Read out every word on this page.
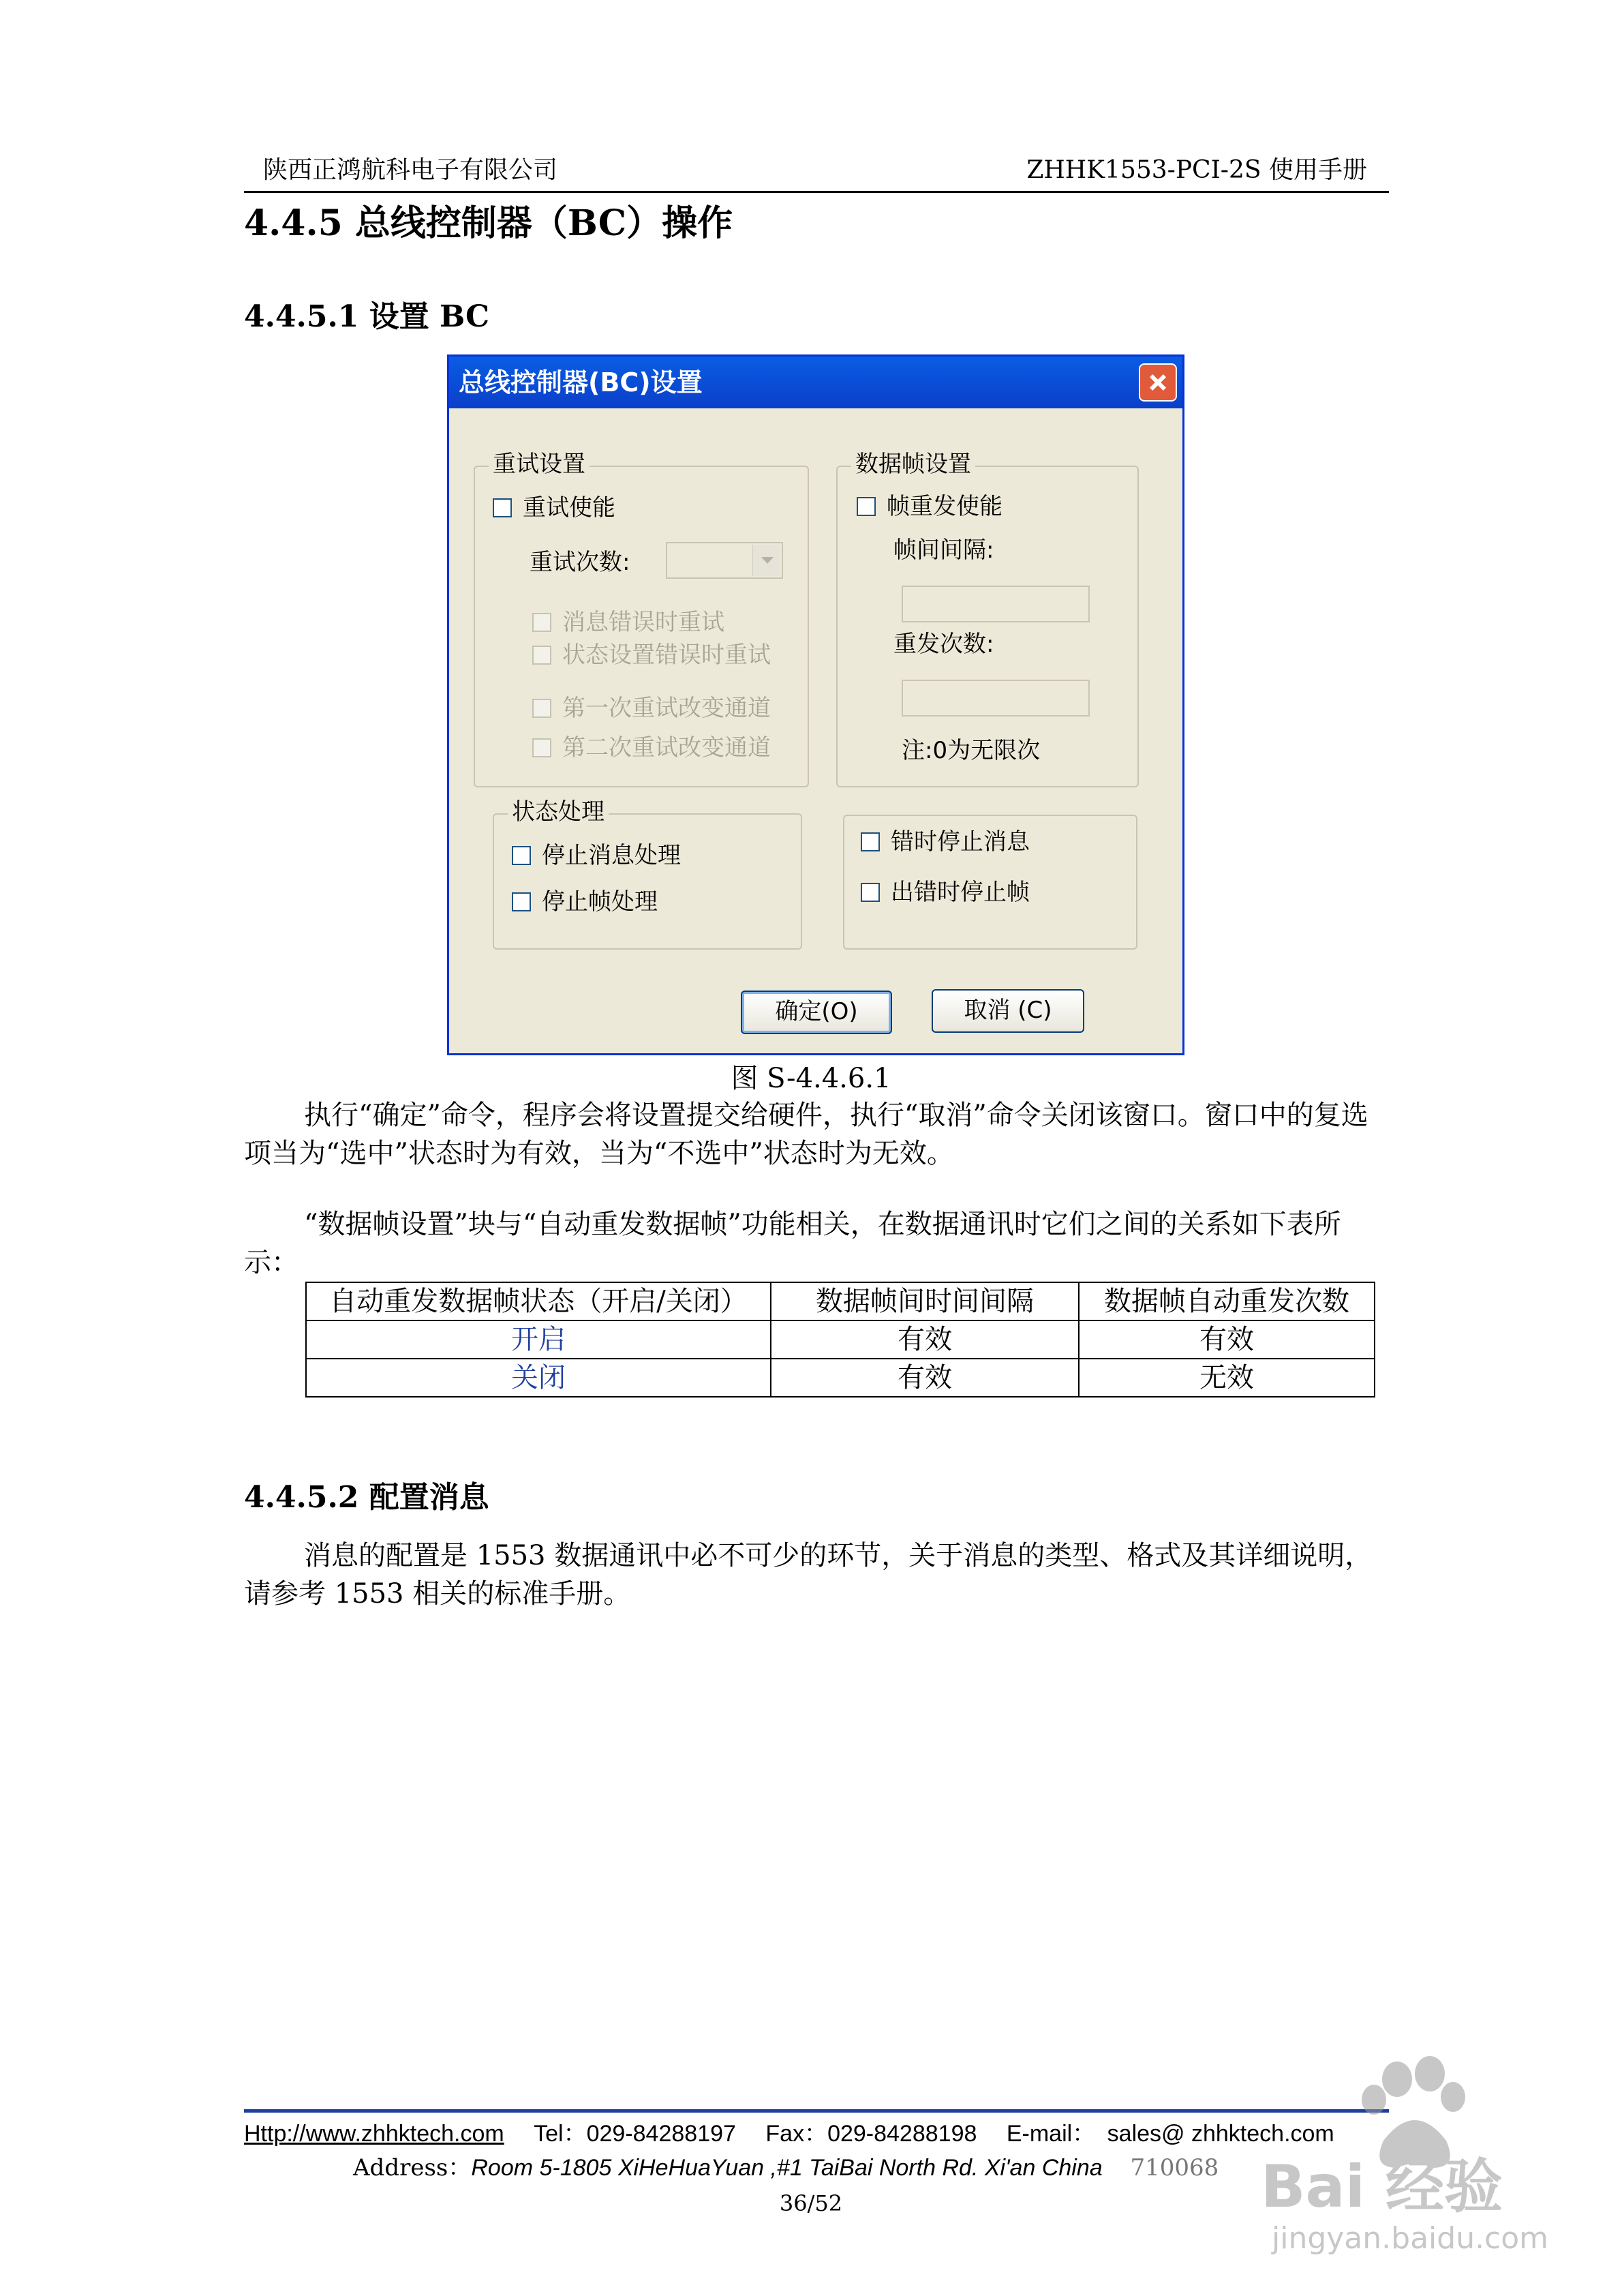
陕西正鸿航科电子有限公司	ZHHK1553-PCI-2S 使用手册
4.4.5 总线控制器（BC）操作
4.4.5.1 设置 BC
总线控制器(BC)设置
重试设置
重试使能
重试次数:
消息错误时重试
状态设置错误时重试
第一次重试改变通道
第二次重试改变通道
数据帧设置
帧重发使能
帧间间隔:
重发次数:
注:0为无限次
状态处理
停止消息处理
停止帧处理
错时停止消息
出错时停止帧
确定(O)	取消 (C)
图 S-4.4.6.1
执行“确定”命令，程序会将设置提交给硬件，执行“取消”命令关闭该窗口。窗口中的复选项当为“选中”状态时为有效，当为“不选中”状态时为无效。
“数据帧设置”块与“自动重发数据帧”功能相关，在数据通讯时它们之间的关系如下表所示：
自动重发数据帧状态（开启/关闭）	数据帧间时间间隔	数据帧自动重发次数
开启	有效	有效
关闭	有效	无效
4.4.5.2 配置消息
消息的配置是 1553 数据通讯中必不可少的环节，关于消息的类型、格式及其详细说明，请参考 1553 相关的标准手册。
Http://www.zhhktech.com Tel：029-84288197 Fax：029-84288198 E-mail： sales@ zhhktech.com
Address：Room 5-1805 XiHeHuaYuan ,#1 TaiBai North Rd. Xi'an China 710068
36/52	Bai 经验
jingyan.baidu.com
